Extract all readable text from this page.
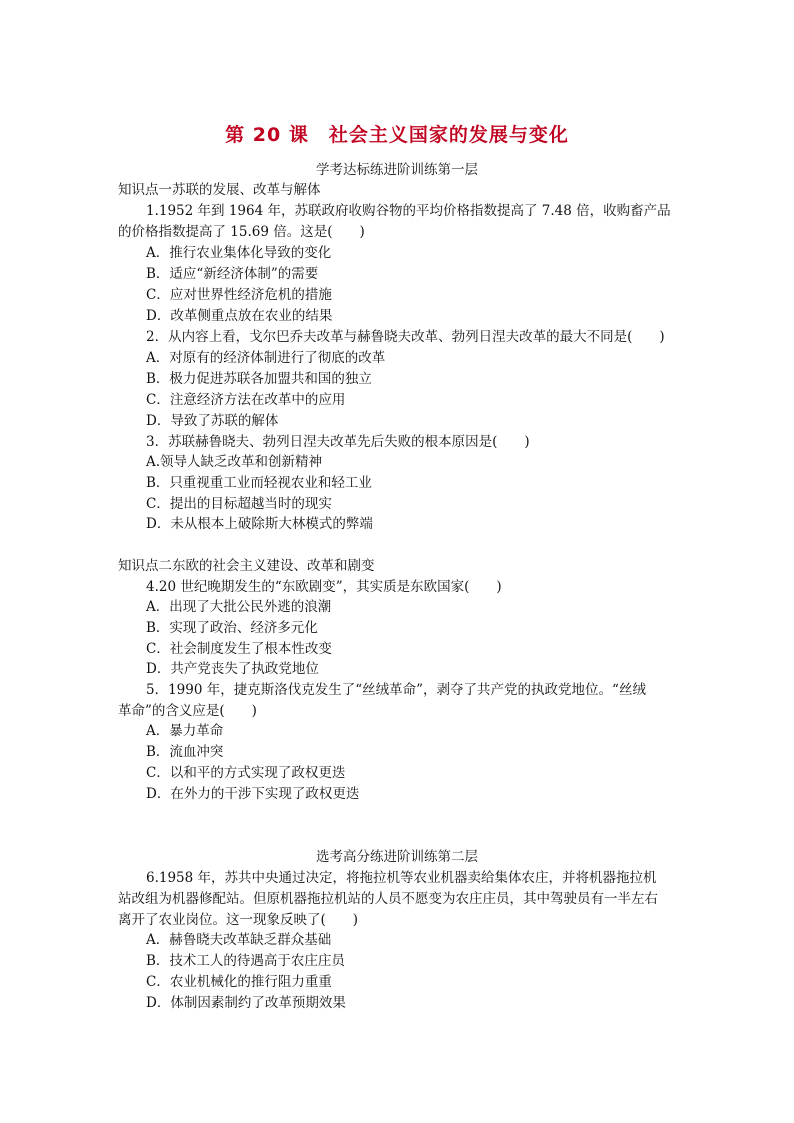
第 20 课　社会主义国家的发展与变化
学考达标练进阶训练第一层
知识点一苏联的发展、改革与解体
1.1952 年到 1964 年，苏联政府收购谷物的平均价格指数提高了 7.48 倍，收购畜产品
的价格指数提高了 15.69 倍。这是(　　)
A．推行农业集体化导致的变化
B．适应“新经济体制”的需要
C．应对世界性经济危机的措施
D．改革侧重点放在农业的结果
2．从内容上看，戈尔巴乔夫改革与赫鲁晓夫改革、勃列日涅夫改革的最大不同是(　　)
A．对原有的经济体制进行了彻底的改革
B．极力促进苏联各加盟共和国的独立
C．注意经济方法在改革中的应用
D．导致了苏联的解体
3．苏联赫鲁晓夫、勃列日涅夫改革先后失败的根本原因是(　　)
A.领导人缺乏改革和创新精神
B．只重视重工业而轻视农业和轻工业
C．提出的目标超越当时的现实
D．未从根本上破除斯大林模式的弊端
知识点二东欧的社会主义建设、改革和剧变
4.20 世纪晚期发生的“东欧剧变”，其实质是东欧国家(　　)
A．出现了大批公民外逃的浪潮
B．实现了政治、经济多元化
C．社会制度发生了根本性改变
D．共产党丧失了执政党地位
5．1990 年，捷克斯洛伐克发生了“丝绒革命”，剥夺了共产党的执政党地位。“丝绒
革命”的含义应是(　　)
A．暴力革命
B．流血冲突
C．以和平的方式实现了政权更迭
D．在外力的干涉下实现了政权更迭
选考高分练进阶训练第二层
6.1958 年，苏共中央通过决定，将拖拉机等农业机器卖给集体农庄，并将机器拖拉机
站改组为机器修配站。但原机器拖拉机站的人员不愿变为农庄庄员，其中驾驶员有一半左右
离开了农业岗位。这一现象反映了(　　)
A．赫鲁晓夫改革缺乏群众基础
B．技术工人的待遇高于农庄庄员
C．农业机械化的推行阻力重重
D．体制因素制约了改革预期效果
